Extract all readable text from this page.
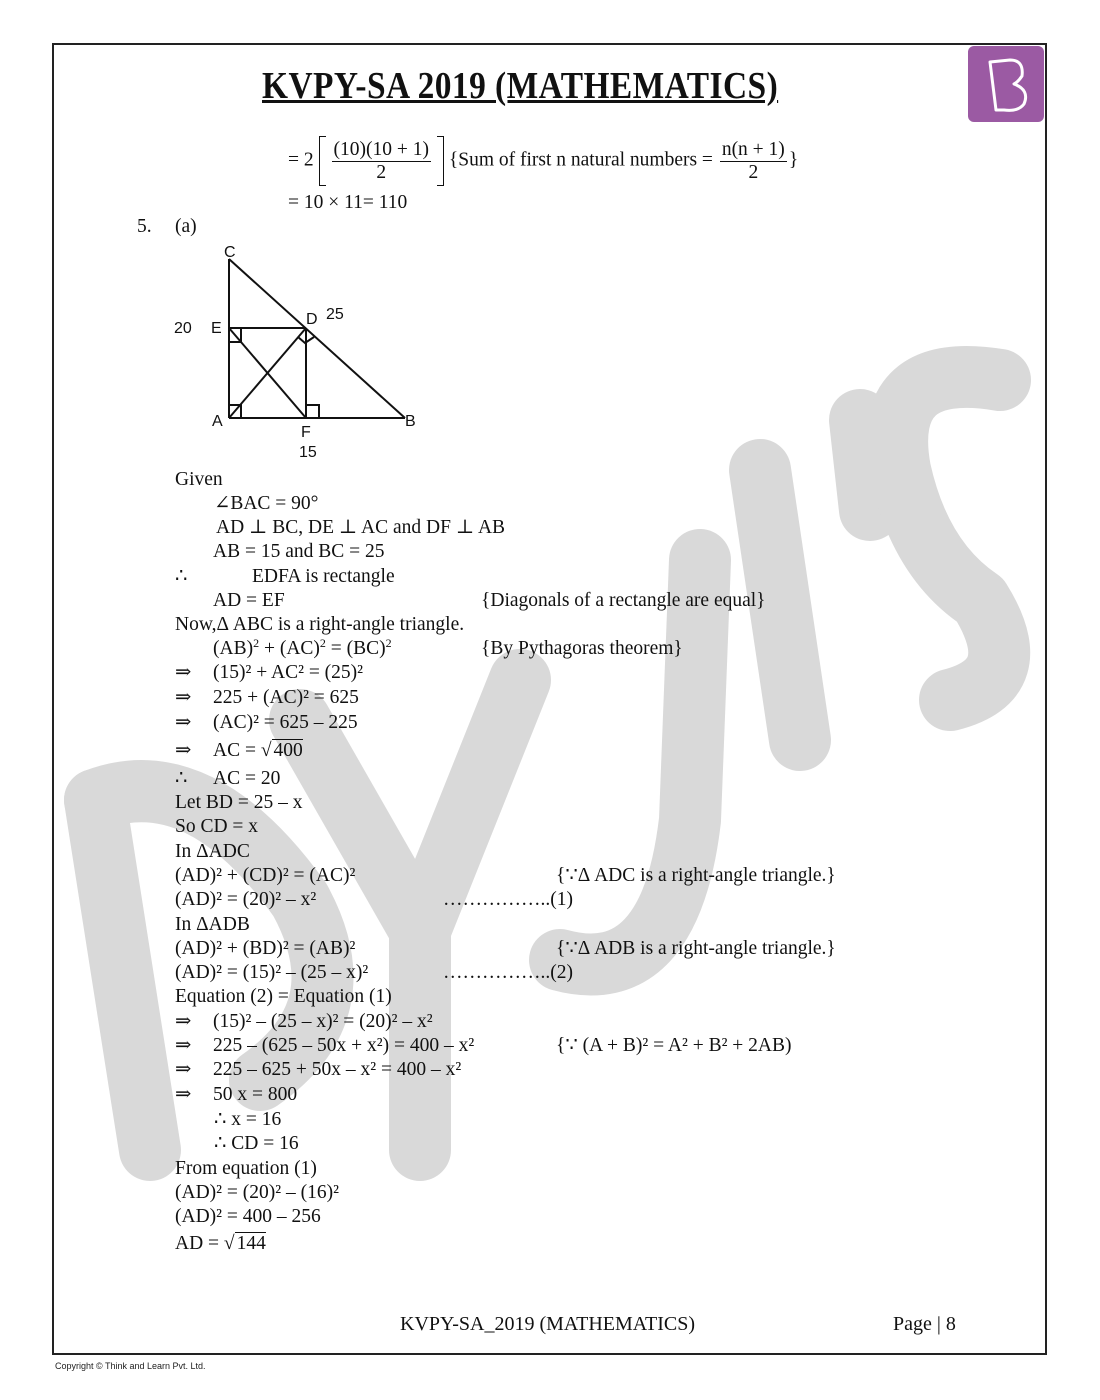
KVPY-SA 2019 (MATHEMATICS)
= $2 \frac{(10)(10 + 1)}{2} \{Sum$ of first n natural numbers = $\frac{n(n + 1)}{2}$ }
= 10 × 11= 110
5. (a)
C
E
D
A
F
B
20
25
15
Given
∠BAC = 90°
AD ⊥ BC, DE ⊥ AC and DF ⊥ AB
AB = 15 and BC = 25
∴	EDFA is rectangle
AD = EF	{Diagonals of a rectangle are equal}
Now,Δ ABC is a right-angle triangle.
(AB)$^2$ + (AC)$^2$ = (BC)$^2$	{By Pythagoras theorem}
⇒ (15)² + AC² = (25)²
⇒ 225 + (AC)² = 625
⇒ (AC)² = 625 – 225
⇒ AC = √ 400
∴ AC = 20
Let BD = 25 – x
So CD = x
In ΔADC
(AD)² + (CD)² = (AC)²	{∵Δ ADC is a right-angle triangle.}
(AD)² = (20)² – x²	……………..(1)
In ΔADB
(AD)² + (BD)² = (AB)²	{∵Δ ADB is a right-angle triangle.}
(AD)² = (15)² – (25 – x)²	……………..(2)
Equation (2) = Equation (1)
⇒ (15)² – (25 – x)² = (20)² – x²
⇒ 225 – (625 – 50x + x²) = 400 – x²	{∵ (A + B)² = A² + B² + 2AB)
⇒ 225 – 625 + 50x – x² = 400 – x²
⇒ 50 x = 800
∴ x = 16
∴ CD = 16
From equation (1)
(AD)² = (20)² – (16)²
(AD)² = 400 – 256
AD = √ 144
KVPY-SA_2019 (MATHEMATICS)	Page | 8
Copyright © Think and Learn Pvt. Ltd.
